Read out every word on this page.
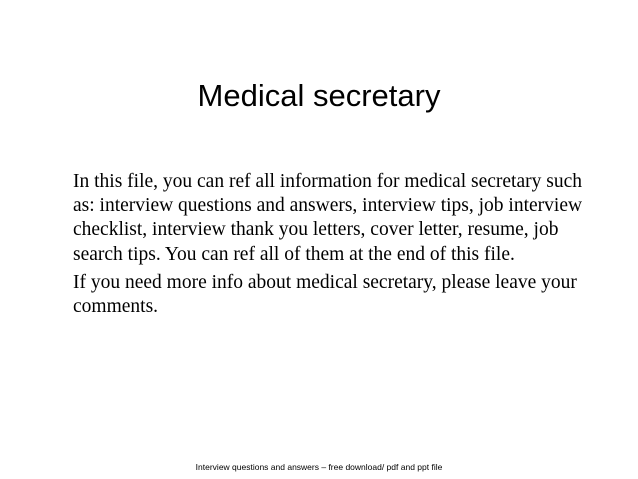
Medical secretary

In this file, you can ref all information for medical secretary such as: interview questions and answers, interview tips, job interview checklist, interview thank you letters, cover letter, resume, job search tips. You can ref all of them at the end of this file.

If you need more info about medical secretary, please leave your comments.

Interview questions and answers – free download/ pdf and ppt file
